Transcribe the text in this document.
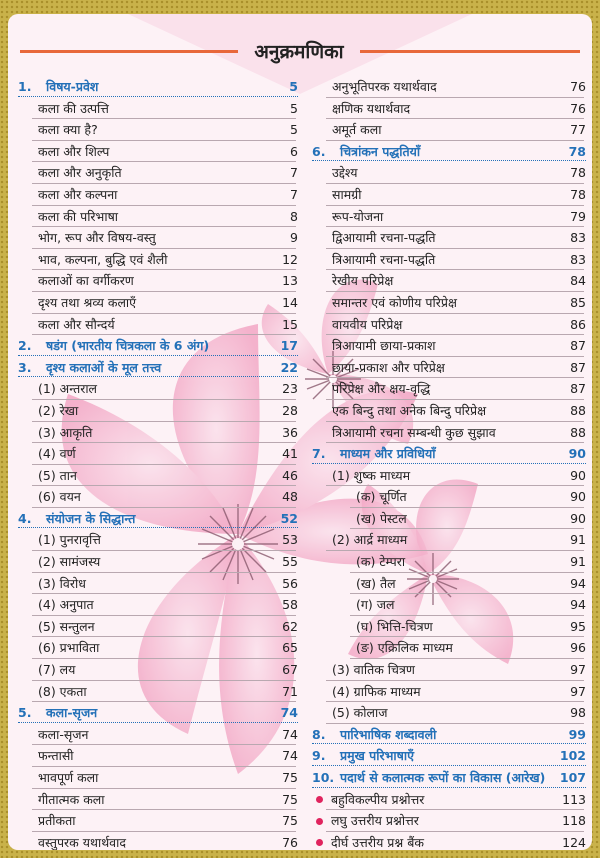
अनुक्रमणिका
1. विषय-प्रवेश	5
कला की उत्पत्ति	5
कला क्या है?	5
कला और शिल्प	6
कला और अनुकृति	7
कला और कल्पना	7
कला की परिभाषा	8
भोग, रूप और विषय-वस्तु	9
भाव, कल्पना, बुद्धि एवं शैली	12
कलाओं का वर्गीकरण	13
दृश्य तथा श्रव्य कलाएँ	14
कला और सौन्दर्य	15
2. षडंग (भारतीय चित्रकला के 6 अंग)	17
3. दृश्य कलाओं के मूल तत्त्व	22
(1) अन्तराल	23
(2) रेखा	28
(3) आकृति	36
(4) वर्ण	41
(5) तान	46
(6) वयन	48
4. संयोजन के सिद्धान्त	52
(1) पुनरावृत्ति	53
(2) सामंजस्य	55
(3) विरोध	56
(4) अनुपात	58
(5) सन्तुलन	62
(6) प्रभाविता	65
(7) लय	67
(8) एकता	71
5. कला-सृजन	74
कला-सृजन	74
फन्तासी	74
भावपूर्ण कला	75
गीतात्मक कला	75
प्रतीकता	75
वस्तुपरक यथार्थवाद	76
अनुभूतिपरक यथार्थवाद	76
क्षणिक यथार्थवाद	76
अमूर्त कला	77
6. चित्रांकन पद्धतियाँ	78
उद्देश्य	78
सामग्री	78
रूप-योजना	79
द्विआयामी रचना-पद्धति	83
त्रिआयामी रचना-पद्धति	83
रेखीय परिप्रेक्ष	84
समान्तर एवं कोणीय परिप्रेक्ष	85
वायवीय परिप्रेक्ष	86
त्रिआयामी छाया-प्रकाश	87
छाया-प्रकाश और परिप्रेक्ष	87
परिप्रेक्ष और क्षय-वृद्धि	87
एक बिन्दु तथा अनेक बिन्दु परिप्रेक्ष	88
त्रिआयामी रचना सम्बन्धी कुछ सुझाव	88
7. माध्यम और प्रविधियाँ	90
(1) शुष्क माध्यम	90
(क) चूर्णित	90
(ख) पेस्टल	90
(2) आर्द्र माध्यम	91
(क) टेम्परा	91
(ख) तैल	94
(ग) जल	94
(घ) भित्ति-चित्रण	95
(ङ) एक्रिलिक माध्यम	96
(3) वातिक चित्रण	97
(4) ग्राफिक माध्यम	97
(5) कोलाज	98
8. पारिभाषिक शब्दावली	99
9. प्रमुख परिभाषाएँ	102
10. पदार्थ से कलात्मक रूपों का विकास (आरेख)	107
बहुविकल्पीय प्रश्नोत्तर	113
लघु उत्तरीय प्रश्नोत्तर	118
दीर्घ उत्तरीय प्रश्न बैंक	124
